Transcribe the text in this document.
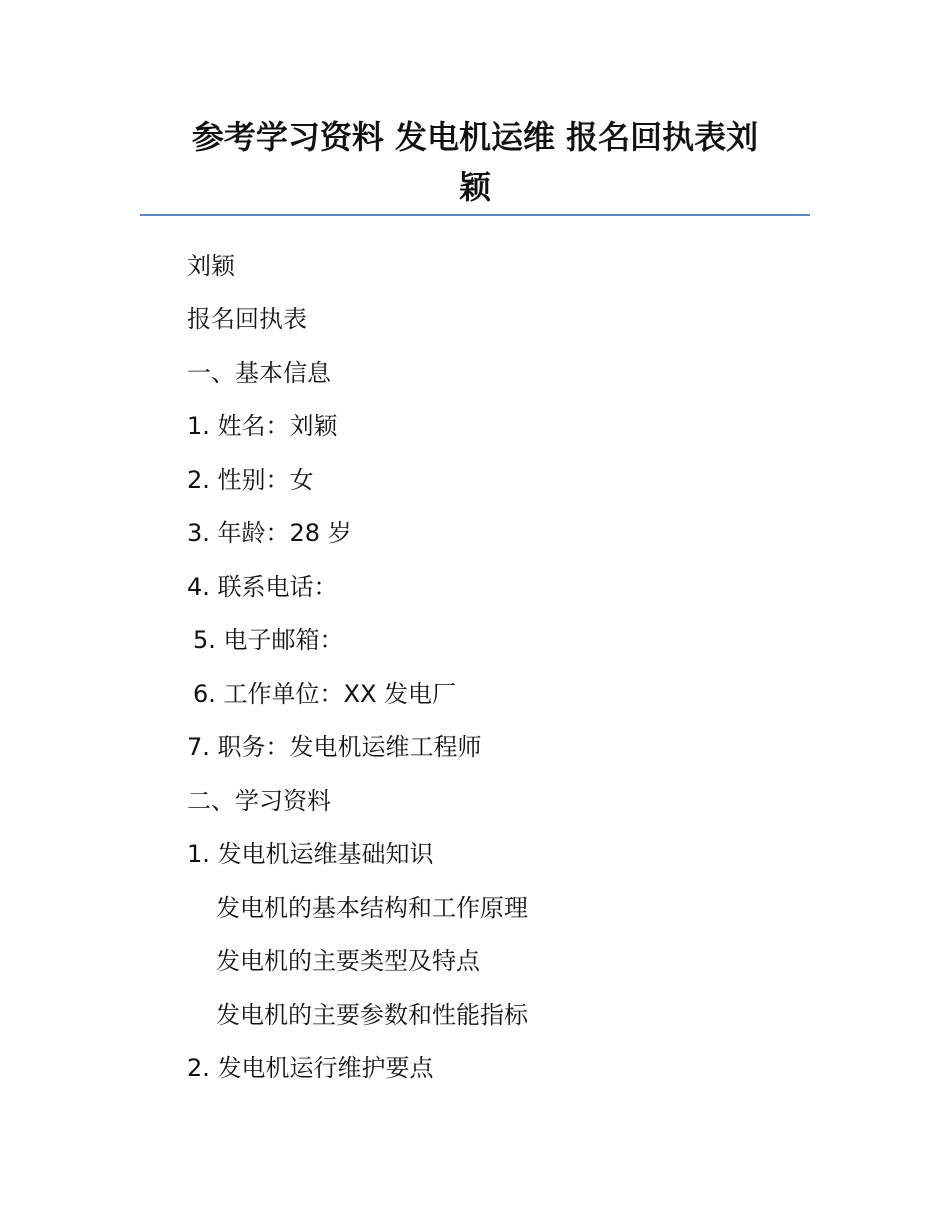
参考学习资料 发电机运维 报名回执表刘
颖

刘颖

报名回执表

一、基本信息

1. 姓名：刘颖

2. 性别：女

3. 年龄：28 岁

4. 联系电话：

5. 电子邮箱：

6. 工作单位：XX 发电厂

7. 职务：发电机运维工程师

二、学习资料

1. 发电机运维基础知识

发电机的基本结构和工作原理

发电机的主要类型及特点

发电机的主要参数和性能指标

2. 发电机运行维护要点
